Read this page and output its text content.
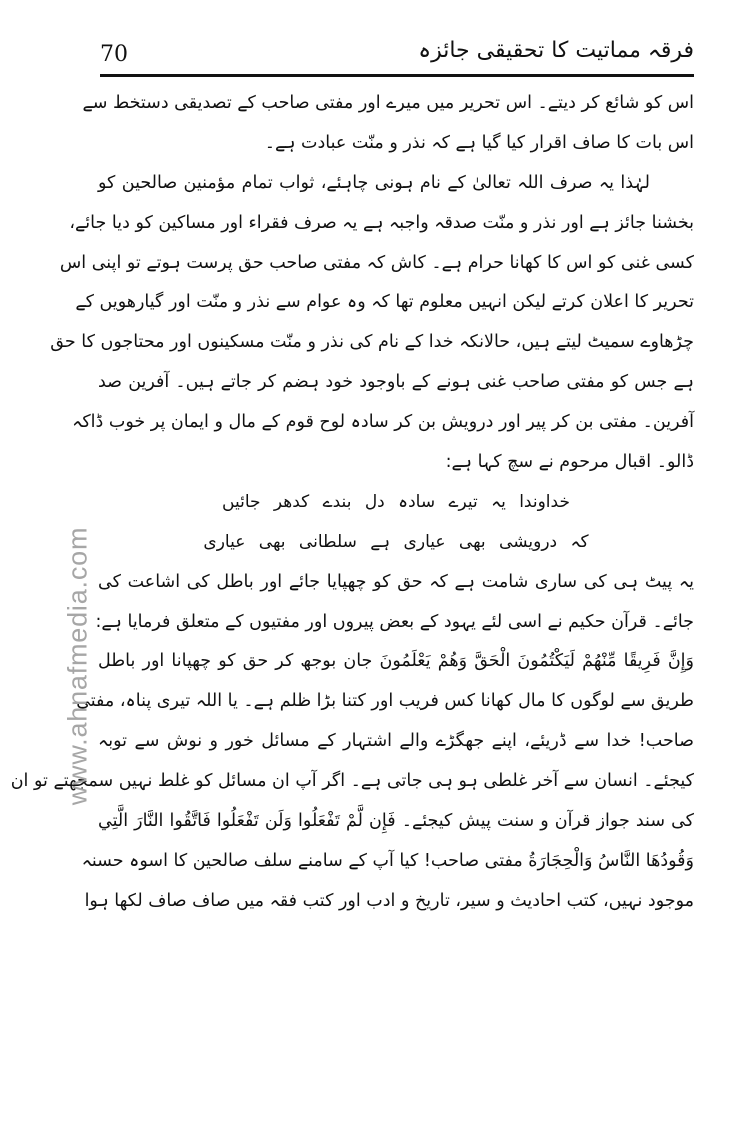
70	فرقہ مماتیت کا تحقیقی جائزہ
اس کو شائع کر دیتے۔ اس تحریر میں میرے اور مفتی صاحب کے تصدیقی دستخط سے
اس بات کا صاف اقرار کیا گیا ہے کہ نذر و منّت عبادت ہے۔
لہٰذا یہ صرف اللہ تعالیٰ کے نام ہونی چاہئے، ثواب تمام مؤمنین صالحین کو
بخشنا جائز ہے اور نذر و منّت صدقہ واجبہ ہے یہ صرف فقراء اور مساکین کو دیا جائے،
کسی غنی کو اس کا کھانا حرام ہے۔ کاش کہ مفتی صاحب حق پرست ہوتے تو اپنی اس
تحریر کا اعلان کرتے لیکن انہیں معلوم تھا کہ وہ عوام سے نذر و منّت اور گیارھویں کے
چڑھاوے سمیٹ لیتے ہیں، حالانکہ خدا کے نام کی نذر و منّت مسکینوں اور محتاجوں کا حق
ہے جس کو مفتی صاحب غنی ہونے کے باوجود خود ہضم کر جاتے ہیں۔ آفرین صد
آفرین۔ مفتی بن کر پیر اور درویش بن کر سادہ لوح قوم کے مال و ایمان پر خوب ڈاکہ
ڈالو۔ اقبال مرحوم نے سچ کہا ہے:
خداوندا یہ تیرے سادہ دل بندے کدھر جائیں
کہ درویشی بھی عیاری ہے سلطانی بھی عیاری
یہ پیٹ ہی کی ساری شامت ہے کہ حق کو چھپایا جائے اور باطل کی اشاعت کی
جائے۔ قرآن حکیم نے اسی لئے یہود کے بعض پیروں اور مفتیوں کے متعلق فرمایا ہے:
وَإِنَّ فَرِيقًا مِّنْهُمْ لَيَكْتُمُونَ الْحَقَّ وَهُمْ يَعْلَمُونَ جان بوجھ کر حق کو چھپانا اور باطل
طریق سے لوگوں کا مال کھانا کس فریب اور کتنا بڑا ظلم ہے۔ یا اللہ تیری پناہ، مفتی
صاحب! خدا سے ڈریئے، اپنے جھگڑے والے اشتہار کے مسائل خور و نوش سے توبہ
کیجئے۔ انسان سے آخر غلطی ہو ہی جاتی ہے۔ اگر آپ ان مسائل کو غلط نہیں سمجھتے تو ان
کی سند جواز قرآن و سنت پیش کیجئے۔ فَإِن لَّمْ تَفْعَلُوا وَلَن تَفْعَلُوا فَاتَّقُوا النَّارَ الَّتِي
وَقُودُهَا النَّاسُ وَالْحِجَارَةُ مفتی صاحب! کیا آپ کے سامنے سلف صالحین کا اسوہ حسنہ
موجود نہیں، کتب احادیث و سیر، تاریخ و ادب اور کتب فقہ میں صاف صاف لکھا ہوا
www.ahnafmedia.com
